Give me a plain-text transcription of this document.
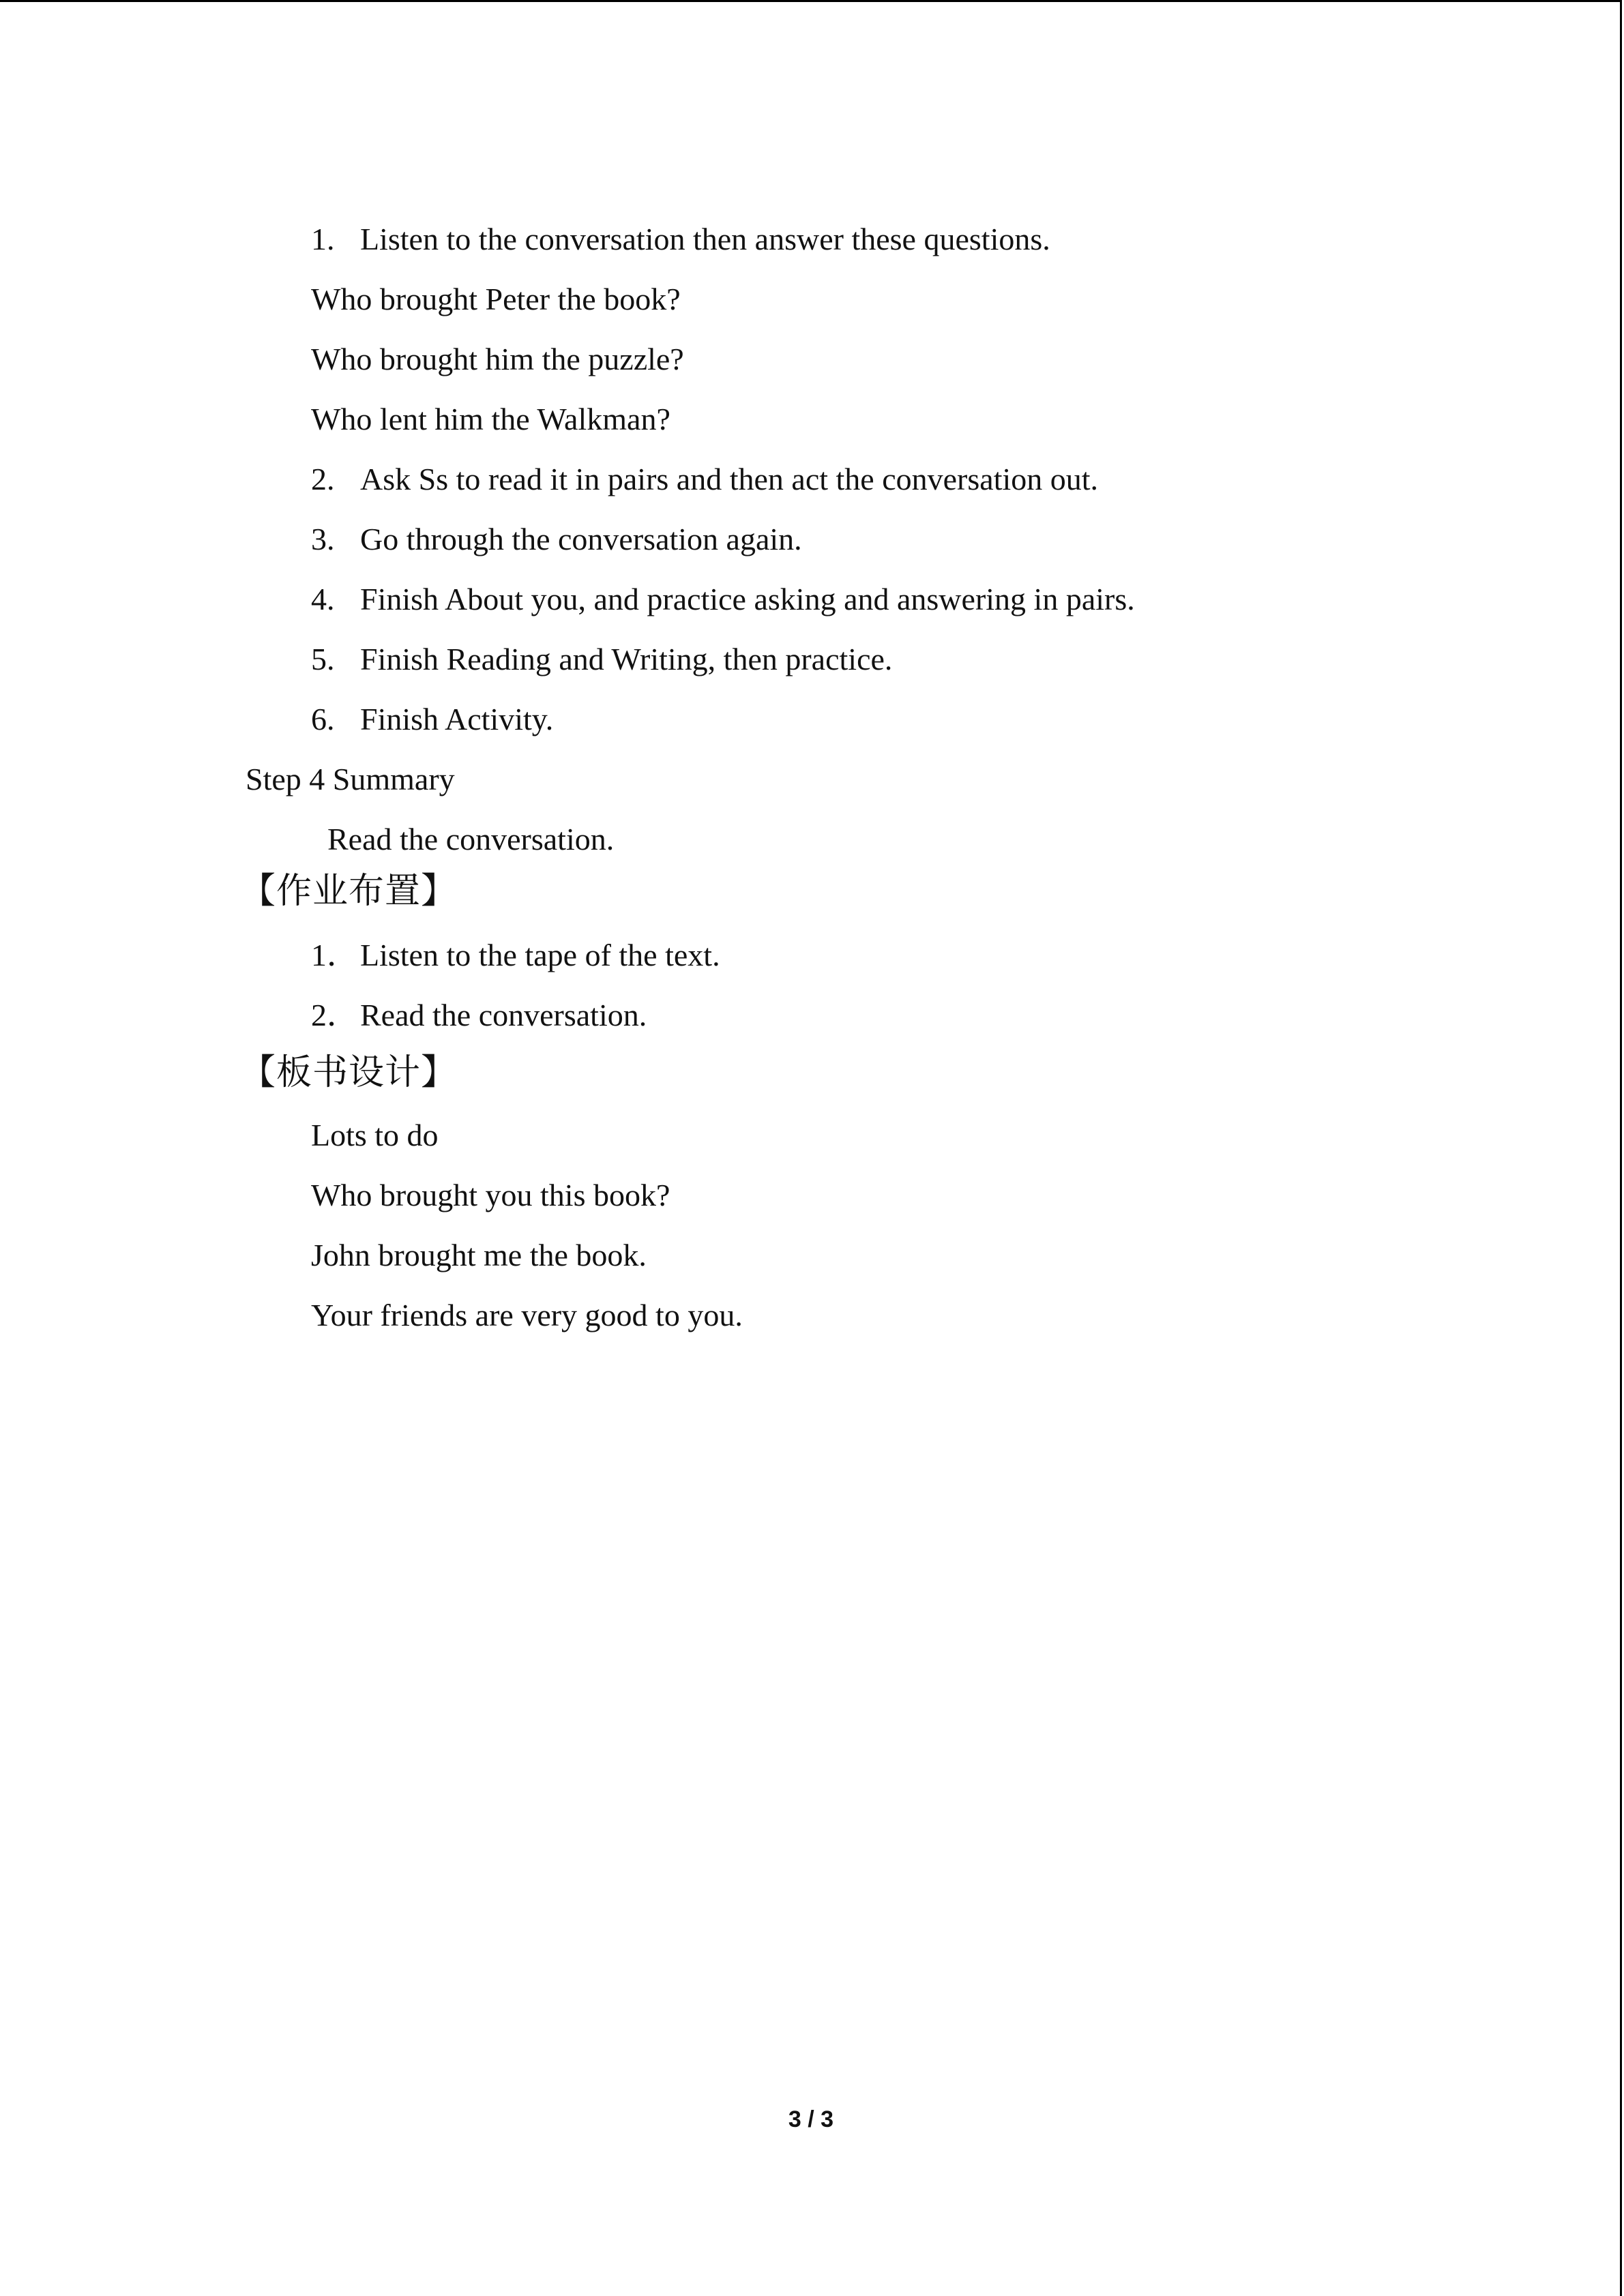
1. Listen to the conversation then answer these questions.
Who brought Peter the book?
Who brought him the puzzle?
Who lent him the Walkman?
2. Ask Ss to read it in pairs and then act the conversation out.
3. Go through the conversation again.
4. Finish About you, and practice asking and answering in pairs.
5. Finish Reading and Writing, then practice.
6. Finish Activity.
Step 4 Summary
Read the conversation.
【作业布置】
1．Listen to the tape of the text.
2．Read the conversation.
【板书设计】
Lots to do
Who brought you this book?
John brought me the book.
Your friends are very good to you.
3 / 3
